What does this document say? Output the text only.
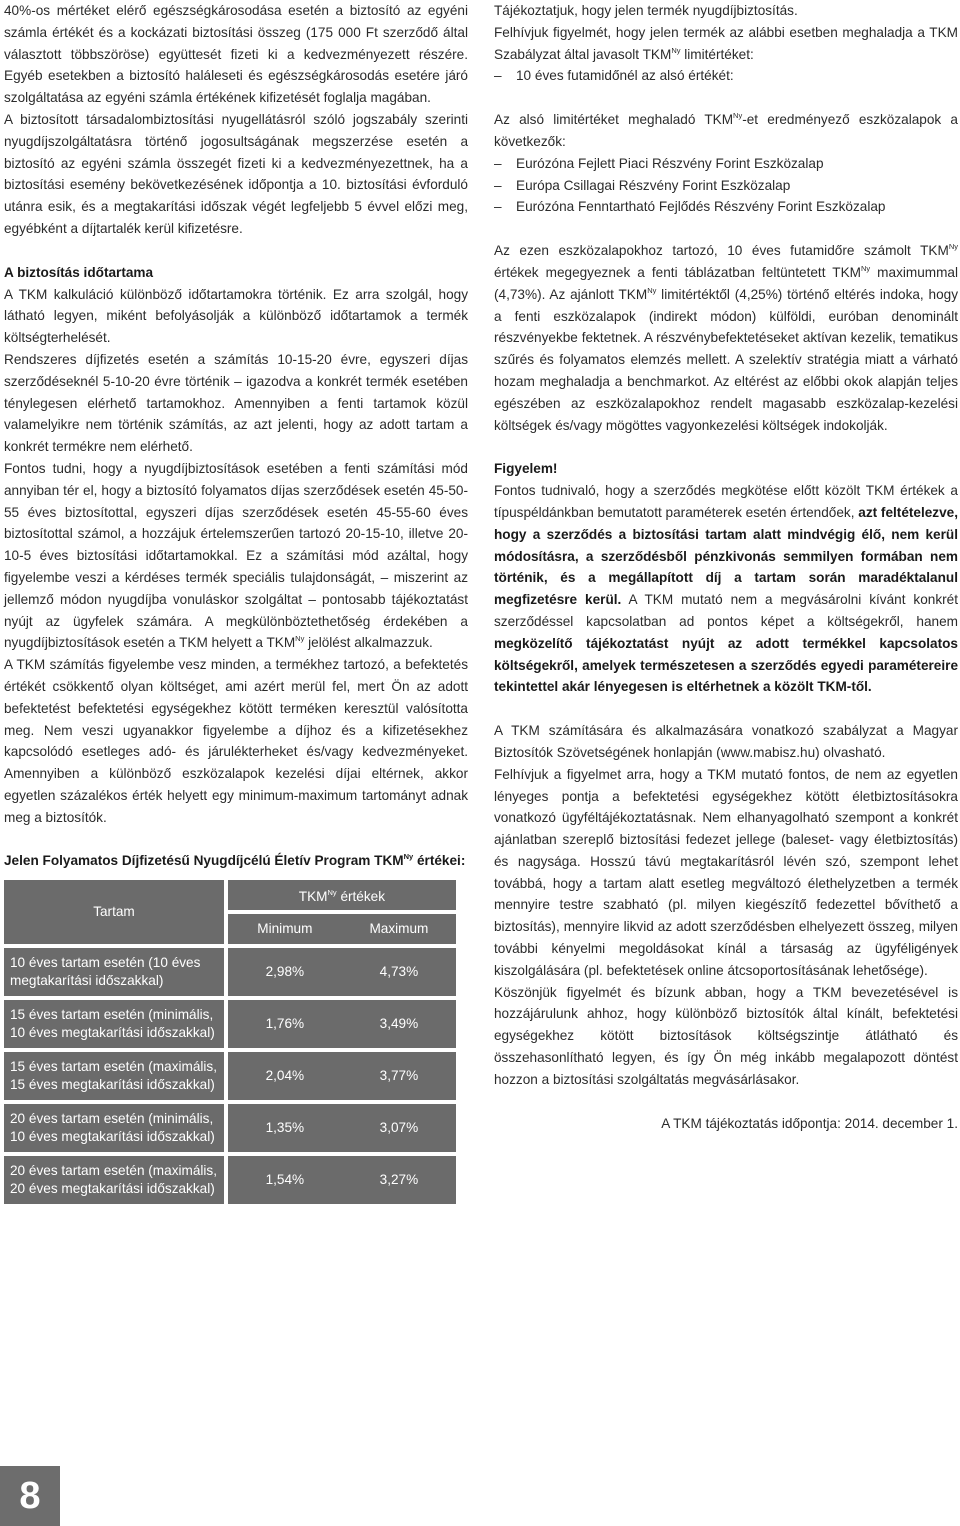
40%-os mértéket elérő egészségkárosodása esetén a biztosító az egyéni számla értékét és a kockázati biztosítási összeg (175 000 Ft szerződő által választott többszöröse) együttesét fizeti ki a kedvezményezett részére. Egyéb esetekben a biztosító haláleseti és egészségkárosodás esetére járó szolgáltatása az egyéni számla értékének kifizetését foglalja magában.

A biztosított társadalombiztosítási nyugellátásról szóló jogszabály szerinti nyugdíjszolgáltatásra történő jogosultságának megszerzése esetén a biztosító az egyéni számla összegét fizeti ki a kedvezményezettnek, ha a biztosítási esemény bekövetkezésének időpontja a 10. biztosítási évforduló utánra esik, és a megtakarítási időszak végét legfeljebb 5 évvel előzi meg, egyébként a díjtartalék kerül kifizetésre.

A biztosítás időtartama

A TKM kalkuláció különböző időtartamokra történik. Ez arra szolgál, hogy látható legyen, miként befolyásolják a különböző időtartamok a termék költségterhelését.

Rendszeres díjfizetés esetén a számítás 10-15-20 évre, egyszeri díjas szerződéseknél 5-10-20 évre történik – igazodva a konkrét termék esetében ténylegesen elérhető tartamokhoz. Amennyiben a fenti tartamok közül valamelyikre nem történik számítás, az azt jelenti, hogy az adott tartam a konkrét termékre nem elérhető.

Fontos tudni, hogy a nyugdíjbiztosítások esetében a fenti számítási mód annyiban tér el, hogy a biztosító folyamatos díjas szerződések esetén 45-50-55 éves biztosítottal, egyszeri díjas szerződések esetén 45-55-60 éves biztosítottal számol, a hozzájuk értelemszerűen tartozó 20-15-10, illetve 20-10-5 éves biztosítási időtartamokkal. Ez a számítási mód azáltal, hogy figyelembe veszi a kérdéses termék speciális tulajdonságát, – miszerint az jellemző módon nyugdíjba vonuláskor szolgáltat – pontosabb tájékoztatást nyújt az ügyfelek számára. A megkülönböztethetőség érdekében a nyugdíjbiztosítások esetén a TKM helyett a $TKM^{Ny}$ jelölést alkalmazzuk.

A TKM számítás figyelembe vesz minden, a termékhez tartozó, a befektetés értékét csökkentő olyan költséget, ami azért merül fel, mert Ön az adott befektetést befektetési egységekhez kötött terméken keresztül valósította meg. Nem veszi ugyanakkor figyelembe a díjhoz és a kifizetésekhez kapcsolódó esetleges adó- és járulékterheket és/vagy kedvezményeket. Amennyiben a különböző eszközalapok kezelési díjai eltérnek, akkor egyetlen százalékos érték helyett egy minimum-maximum tartományt adnak meg a biztosítók.

Jelen Folyamatos Díjfizetésű Nyugdíjcélú Életív Program $TKM^{Ny}$ értékei:
Tartam		$TKM^{Ny}$ értékek	
		Minimum	Maximum
10 éves tartam esetén (10 éves megtakarítási időszakkal)		2,98%	4,73%
15 éves tartam esetén (minimális, 10 éves megtakarítási időszakkal)		1,76%	3,49%
15 éves tartam esetén (maximális, 15 éves megtakarítási időszakkal)		2,04%	3,77%
20 éves tartam esetén (minimális, 10 éves megtakarítási időszakkal)		1,35%	3,07%
20 éves tartam esetén (maximális, 20 éves megtakarítási időszakkal)		1,54%	3,27%

Tájékoztatjuk, hogy jelen termék nyugdíjbiztosítás.

Felhívjuk figyelmét, hogy jelen termék az alábbi esetben meghaladja a TKM Szabályzat által javasolt $TKM^{Ny}$ limitértéket:

– 10 éves futamidőnél az alsó értékét:

Az alsó limitértéket meghaladó $TKM^{Ny}-et$ eredményező eszközalapok a következők:

– Eurózóna Fejlett Piaci Részvény Forint Eszközalap
– Európa Csillagai Részvény Forint Eszközalap
– Eurózóna Fenntartható Fejlődés Részvény Forint Eszközalap

Az ezen eszközalapokhoz tartozó, 10 éves futamidőre számolt $TKM^{Ny}$ értékek megegyeznek a fenti táblázatban feltüntetett $TKM^{Ny}$ maximummal (4,73%). Az ajánlott $TKM^{Ny}$ limitértéktől (4,25%) történő eltérés indoka, hogy a fenti eszközalapok (indirekt módon) külföldi, euróban denominált részvényekbe fektetnek. A részvénybefektetéseket aktívan kezelik, tematikus szűrés és folyamatos elemzés mellett. A szelektív stratégia miatt a várható hozam meghaladja a benchmarkot. Az eltérést az előbbi okok alapján teljes egészében az eszközalapokhoz rendelt magasabb eszközalap-kezelési költségek és/vagy mögöttes vagyonkezelési költségek indokolják.

Figyelem!

Fontos tudnivaló, hogy a szerződés megkötése előtt közölt TKM értékek a típuspéldánkban bemutatott paraméterek esetén értendőek, azt feltételezve, hogy a szerződés a biztosítási tartam alatt mindvégig élő, nem kerül módosításra, a szerződésből pénzkivonás semmilyen formában nem történik, és a megállapított díj a tartam során maradéktalanul megfizetésre kerül. A TKM mutató nem a megvásárolni kívánt konkrét szerződéssel kapcsolatban ad pontos képet a költségekről, hanem megközelítő tájékoztatást nyújt az adott termékkel kapcsolatos költségekről, amelyek természetesen a szerződés egyedi paramétereire tekintettel akár lényegesen is eltérhetnek a közölt TKM-től.

A TKM számítására és alkalmazására vonatkozó szabályzat a Magyar Biztosítók Szövetségének honlapján (www.mabisz.hu) olvasható.

Felhívjuk a figyelmet arra, hogy a TKM mutató fontos, de nem az egyetlen lényeges pontja a befektetési egységekhez kötött életbiztosításokra vonatkozó ügyféltájékoztatásnak. Nem elhanyagolható szempont a konkrét ajánlatban szereplő biztosítási fedezet jellege (baleset- vagy életbiztosítás) és nagysága. Hosszú távú megtakarításról lévén szó, szempont lehet továbbá, hogy a tartam alatt esetleg megváltozó élethelyzetben a termék mennyire testre szabható (pl. milyen kiegészítő fedezettel bővíthető a biztosítás), mennyire likvid az adott szerződésben elhelyezett összeg, milyen további kényelmi megoldásokat kínál a társaság az ügyféligények kiszolgálására (pl. befektetések online átcsoportosításának lehetősége).

Köszönjük figyelmét és bízunk abban, hogy a TKM bevezetésével is hozzájárulunk ahhoz, hogy különböző biztosítók által kínált, befektetési egységekhez kötött biztosítások költségszintje átlátható és összehasonlítható legyen, és így Ön még inkább megalapozott döntést hozzon a biztosítási szolgáltatás megvásárlásakor.

A TKM tájékoztatás időpontja: 2014. december 1.

8
